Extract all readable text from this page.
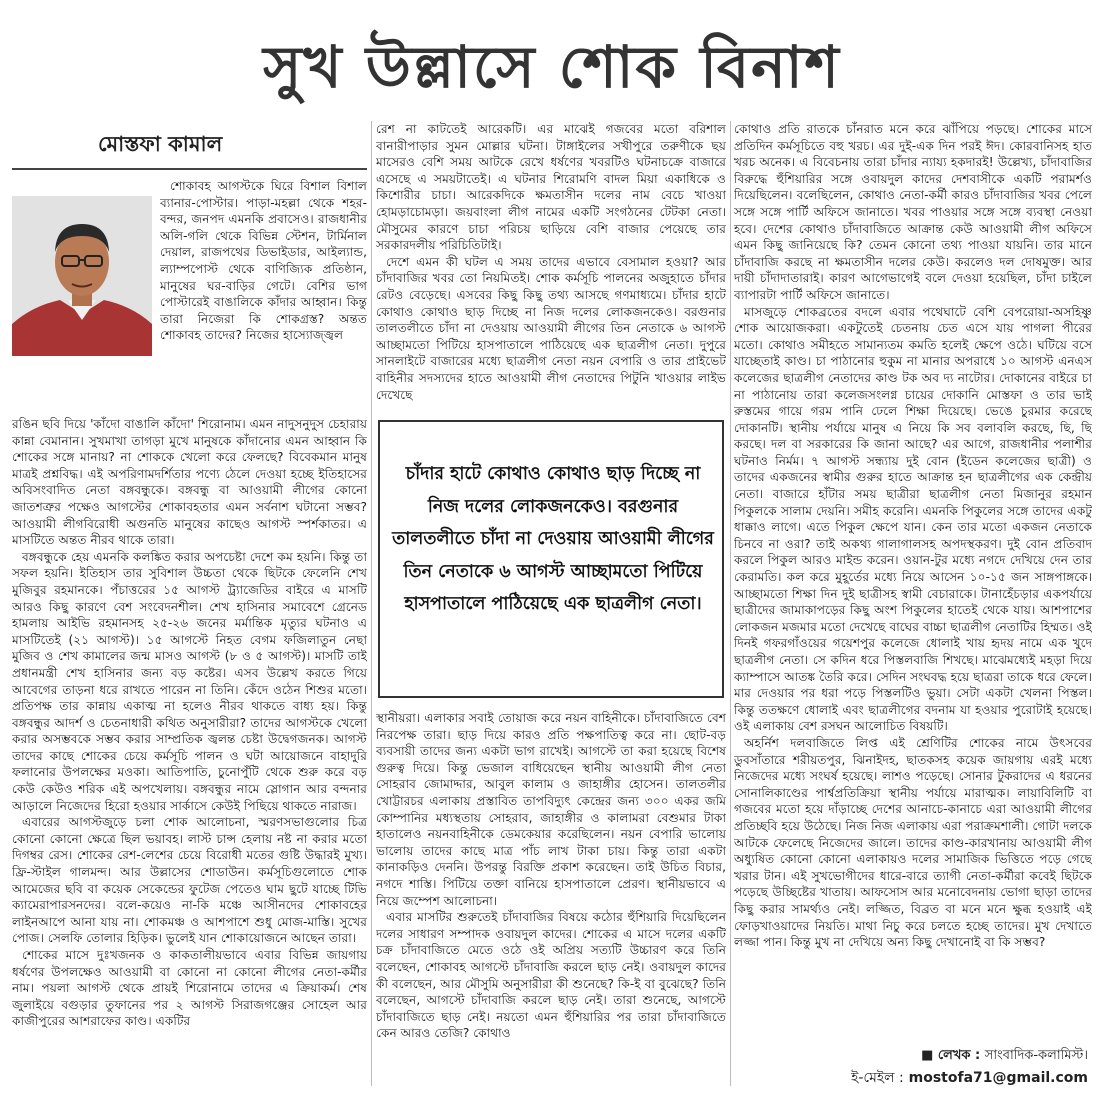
সুখ উল্লাসে শোক বিনাশ
মোস্তফা কামাল

শোকাবহ আগস্টকে ঘিরে বিশাল বিশাল ব্যানার-পোস্টার। পাড়া-মহল্লা থেকে শহর-বন্দর, জনপদ এমনকি প্রবাসেও। রাজধানীর অলি-গলি থেকে বিভিন্ন স্টেশন, টার্মিনাল দেয়াল, রাজপথের ডিভাইডার, আইল্যান্ড, ল্যাম্পপোস্ট থেকে বাণিজ্যিক প্রতিষ্ঠান, মানুষের ঘর-বাড়ির গেটে। বেশির ভাগ পোস্টারেই বাঙালিকে কাঁদার আহ্বান। কিন্তু তারা নিজেরা কি শোকগ্রস্ত? অন্তত শোকাবহ তাদের? নিজের হাস্যোজ্জ্বল

রঙিন ছবি দিয়ে 'কাঁদো বাঙালি কাঁদো' শিরোনাম। এমন নাদুসনুদুস চেহারায় কান্না বেমানান। সুখমাখা তাগড়া মুখে মানুষকে কাঁদানোর এমন আহ্বান কি শোকের সঙ্গে মানায়? না শোককে খেলো করে ফেলছে? বিবেকমান মানুষ মাত্রই প্রশ্নবিদ্ধ। এই অপরিণামদর্শিতার পণ্যে ঠেলে দেওয়া হচ্ছে ইতিহাসের অবিসংবাদিত নেতা বঙ্গবন্ধুকে। বঙ্গবন্ধু বা আওয়ামী লীগের কোনো জাতশত্রুর পক্ষেও আগস্টের শোকাবহতার এমন সর্বনাশ ঘটানো সম্ভব? আওয়ামী লীগবিরোধী অগুনতি মানুষের কাছেও আগস্ট স্পর্শকাতর। এ মাসটিতে অন্তত নীরব থাকে তারা।

বঙ্গবন্ধুকে হেয় এমনকি কলঙ্কিত করার অপচেষ্টা দেশে কম হয়নি। কিন্তু তা সফল হয়নি। ইতিহাস তার সুবিশাল উচ্চতা থেকে ছিটকে ফেলেনি শেখ মুজিবুর রহমানকে। পঁচাত্তরের ১৫ আগস্ট ট্র্যাজেডির বাইরে এ মাসটি আরও কিছু কারণে বেশ সংবেদনশীল। শেখ হাসিনার সমাবেশে গ্রেনেড হামলায় আইভি রহমানসহ ২৫-২৬ জনের মর্মান্তিক মৃত্যুর ঘটনাও এ মাসটিতেই (২১ আগস্ট)। ১৫ আগস্টে নিহত বেগম ফজিলাতুন নেছা মুজিব ও শেখ কামালের জন্ম মাসও আগস্ট (৮ ও ৫ আগস্ট)। মাসটি তাই প্রধানমন্ত্রী শেখ হাসিনার জন্য বড় কষ্টের। এসব উল্লেখ করতে গিয়ে আবেগের তাড়না ধরে রাখতে পারেন না তিনি। কেঁদে ওঠেন শিশুর মতো। প্রতিপক্ষ তার কান্নায় একাত্ম না হলেও নীরব থাকতে বাধ্য হয়। কিন্তু বঙ্গবন্ধুর আদর্শ ও চেতনাধারী কথিত অনুসারীরা? তাদের আগস্টকে খেলো করার অসম্ভবকে সম্ভব করার সাম্প্রতিক জ্বলন্ত চেষ্টা উদ্বেগজনক। আগস্ট তাদের কাছে শোকের চেয়ে কর্মসূচি পালন ও ঘটা আয়োজনে বাহাদুরি ফলানোর উপলক্ষের মওকা। আতিপাতি, চুনোপুঁটি থেকে শুরু করে বড় কেউ কেউও শরিক এই অপখেলায়। বঙ্গবন্ধুর নামে স্লোগান আর বন্দনার আড়ালে নিজেদের হিরো হওয়ার সার্কাসে কেউই পিছিয়ে থাকতে নারাজ।

এবারের আগস্টজুড়ে চলা শোক আলোচনা, স্মরণসভাগুলোর চিত্র কোনো কোনো ক্ষেত্রে ছিল ভয়াবহ। লাস্ট চান্স হেলায় নষ্ট না করার মতো দিগম্বর রেস। শোকের রেশ-লেশের চেয়ে বিরোধী মতের গুষ্টি উদ্ধারই মুখ্য। ফ্রি-স্টাইল গালমন্দ। আর উল্লাসের শোডাউন। কর্মসূচিগুলোতে শোক আমেজের ছবি বা কয়েক সেকেন্ডের ফুটেজ পেতেও ঘাম ছুটে যাচ্ছে টিভি ক্যামেরাপারসনদের। বলে-কয়েও না-কি মঞ্চে আসীনদের শোকাবহের লাইনআপে আনা যায় না। শোকমঞ্চ ও আশপাশে শুধু মোজ-মাস্তি। সুখের পোজ। সেলফি তোলার হিড়িক। ভুলেই যান শোকায়োজনে আছেন তারা।

শোকের মাসে দুঃখজনক ও কাকতালীয়ভাবে এবার বিভিন্ন জায়গায় ধর্ষণের উপলক্ষেও আওয়ামী বা কোনো না কোনো লীগের নেতা-কর্মীর নাম। পয়লা আগস্ট থেকে প্রায়ই শিরোনামে তাদের এ ক্রিয়াকর্ম। শেষ জুলাইয়ে বগুড়ার তুফানের পর ২ আগস্ট সিরাজগঞ্জের সোহেল আর কাজীপুরের আশরাফের কাণ্ড। একটির

রেশ না কাটতেই আরেকটি। এর মাঝেই গজবের মতো বরিশাল বানারীপাড়ার সুমন মোল্লার ঘটনা। টাঙ্গাইলের সখীপুরে তরুণীকে ছয় মাসেরও বেশি সময় আটকে রেখে ধর্ষণের খবরটিও ঘটনাচক্রে বাজারে এসেছে এ সময়টাতেই। এ ঘটনার শিরোমণি বাদল মিয়া একাধিকে ও কিশোরীর চাচা। আরেকদিকে ক্ষমতাসীন দলের নাম বেচে খাওয়া হোমড়াচোমড়া। জয়বাংলা লীগ নামের একটি সংগঠনের টেটকা নেতা। মৌসুমের কারণে চাচা পরিচয় ছাড়িয়ে বেশি বাজার পেয়েছে তার সরকারদলীয় পরিচিতিটাই।

দেশে এমন কী ঘটল এ সময় তাদের এভাবে বেসামাল হওয়া? আর চাঁদাবাজির খবর তো নিয়মিতই। শোক কর্মসূচি পালনের অজুহাতে চাঁদার রেটও বেড়েছে। এসবের কিছু কিছু তথ্য আসছে গণমাধ্যমে। চাঁদার হাটে কোথাও কোথাও ছাড় দিচ্ছে না নিজ দলের লোকজনকেও। বরগুনার তালতলীতে চাঁদা না দেওয়ায় আওয়ামী লীগের তিন নেতাকে ৬ আগস্ট আচ্ছামতো পিটিয়ে হাসপাতালে পাঠিয়েছে এক ছাত্রলীগ নেতা। দুপুরে সানলাইটে বাজারের মধ্যে ছাত্রলীগ নেতা নয়ন বেপারি ও তার প্রাইভেট বাহিনীর সদস্যদের হাতে আওয়ামী লীগ নেতাদের পিটুনি খাওয়ার লাইভ দেখেছে

চাঁদার হাটে কোথাও কোথাও ছাড় দিচ্ছে না নিজ দলের লোকজনকেও। বরগুনার তালতলীতে চাঁদা না দেওয়ায় আওয়ামী লীগের তিন নেতাকে ৬ আগস্ট আচ্ছামতো পিটিয়ে হাসপাতালে পাঠিয়েছে এক ছাত্রলীগ নেতা।

স্থানীয়রা। এলাকার সবাই তোয়াজ করে নয়ন বাহিনীকে। চাঁদাবাজিতে বেশ নিরপেক্ষ তারা। ছাড় দিয়ে কারও প্রতি পক্ষপাতিত্ব করে না। ছোট-বড় ব্যবসায়ী তাদের জন্য একটা ভাগ রাখেই। আগস্টে তা করা হয়েছে বিশেষ গুরুত্ব দিয়ে। কিন্তু ভেজাল বাধিয়েছেন স্থানীয় আওয়ামী লীগ নেতা সোহরাব জোমাদ্দার, আবুল কালাম ও জাহাঙ্গীর হোসেন। তালতলীর খোট্টারচর এলাকায় প্রস্তাবিত তাপবিদ্যুৎ কেন্দ্রের জন্য ৩০০ একর জমি কোম্পানির মধ্যস্থতায় সোহরাব, জাহাঙ্গীর ও কালামরা বেশুমার টাকা হাতালেও নয়নবাহিনীকে ডেমকেয়ার করেছিলেন। নয়ন বেপারি ভালোয় ভালোয় তাদের কাছে মাত্র পাঁচ লাখ টাকা চায়। কিন্তু তারা একটা কানাকড়িও দেননি। উপরন্তু বিরক্তি প্রকাশ করেছেন। তাই উচিত বিচার, নগদে শাস্তি। পিটিয়ে তক্তা বানিয়ে হাসপাতালে প্রেরণ। স্থানীয়ভাবে এ নিয়ে জম্পেশ আলোচনা।

এবার মাসটির শুরুতেই চাঁদাবাজির বিষয়ে কঠোর হুঁশিয়ারি দিয়েছিলেন দলের সাধারণ সম্পাদক ওবায়দুল কাদের। শোকের এ মাসে দলের একটি চক্র চাঁদাবাজিতে মেতে ওঠে ওই অপ্রিয় সত্যটি উচ্চারণ করে তিনি বলেছেন, শোকাবহ আগস্টে চাঁদাবাজি করলে ছাড় নেই। ওবায়দুল কাদের কী বলেছেন, আর মৌসুমি অনুসারীরা কী শুনেছে? কি-ই বা বুঝেছে? তিনি বলেছেন, আগস্টে চাঁদাবাজি করলে ছাড় নেই। তারা শুনেছে, আগস্টে চাঁদাবাজিতে ছাড় নেই। নয়তো এমন হুঁশিয়ারির পর তারা চাঁদাবাজিতে কেন আরও তেজি? কোথাও

কোথাও প্রতি রাতকে চাঁনরাত মনে করে ঝাঁপিয়ে পড়ছে। শোকের মাসে প্রতিদিন কর্মসূচিতে বহু খরচ। এর দুই-এক দিন পরই ঈদ। কোরবানিসহ হাত খরচ অনেক। এ বিবেচনায় তারা চাঁদার ন্যায্য হকদারই! উল্লেখ্য, চাঁদাবাজির বিরুদ্ধে হুঁশিয়ারির সঙ্গে ওবায়দুল কাদের দেশবাসীকে একটি পরামর্শও দিয়েছিলেন। বলেছিলেন, কোথাও নেতা-কর্মী কারও চাঁদাবাজির খবর পেলে সঙ্গে সঙ্গে পার্টি অফিসে জানাতে। খবর পাওয়ার সঙ্গে সঙ্গে ব্যবস্থা নেওয়া হবে। দেশের কোথাও চাঁদাবাজিতে আক্রান্ত কেউ আওয়ামী লীগ অফিসে এমন কিছু জানিয়েছে কি? তেমন কোনো তথ্য পাওয়া যায়নি। তার মানে চাঁদাবাজি করছে না ক্ষমতাসীন দলের কেউ। করলেও দল দোষমুক্ত। আর দায়ী চাঁদাদাতারাই। কারণ আগেভাগেই বলে দেওয়া হয়েছিল, চাঁদা চাইলে ব্যাপারটা পার্টি অফিসে জানাতে।

মাসজুড়ে শোকব্রতের বদলে এবার পথেঘাটে বেশি বেপরোয়া-অসহিষ্ণু শোক আয়োজকরা। একটুতেই চেতনায় চেত এসে যায় পাগলা পীরের মতো। কোথাও সমীহতে সামান্যতম কমতি হলেই ক্ষেপে ওঠে। ঘটিয়ে বসে যাচ্ছেতাই কাণ্ড। চা পাঠানোর হুকুম না মানার অপরাধে ১০ আগস্ট এনএস কলেজের ছাত্রলীগ নেতাদের কাণ্ড টক অব দ্য নাটোর। দোকানের বাইরে চা না পাঠানোয় তারা কলেজসংলগ্ন চায়ের দোকানি মোস্তফা ও তার ভাই রুস্তমের গায়ে গরম পানি ঢেলে শিক্ষা দিয়েছে। ভেঙে চুরমার করেছে দোকানটি। স্থানীয় পর্যায়ে মানুষ এ নিয়ে কি সব বলাবলি করছে, ছি, ছি করছে। দল বা সরকারের কি জানা আছে? এর আগে, রাজধানীর পলাশীর ঘটনাও নির্মম। ৭ আগস্ট সন্ধ্যায় দুই বোন (ইডেন কলেজের ছাত্রী) ও তাদের একজনের স্বামীর গুরুর হাতে আক্রান্ত হন ছাত্রলীগের এক কেন্দ্রীয় নেতা। বাজারে হাঁটার সময় ছাত্রীরা ছাত্রলীগ নেতা মিজানুর রহমান পিকুলকে সালাম দেয়নি। সমীহ করেনি। এমনকি পিকুলের সঙ্গে তাদের একটু ধাক্কাও লাগে। এতে পিকুল ক্ষেপে যান। কেন তার মতো একজন নেতাকে চিনবে না ওরা? তাই অকথ্য গালাগালসহ অপদস্থকরণ। দুই বোন প্রতিবাদ করলে পিকুল আরও মাইন্ড করেন। ওয়ান-টুর মধ্যে নগদে দেখিয়ে দেন তার কেরামতি। কল করে মুহূর্তের মধ্যে নিয়ে আসেন ১০-১৫ জন সাঙ্গপাঙ্গকে। আচ্ছামতো শিক্ষা দিন দুই ছাত্রীসহ স্বামী বেচারাকে। টানাহেঁচড়ার একপর্যায়ে ছাত্রীদের জামাকাপড়ের কিছু অংশ পিকুলের হাতেই থেকে যায়। আশপাশের লোকজন মজমার মতো দেখেছে বাঘের বাচ্চা ছাত্রলীগ নেতাটির হিম্মত। ওই দিনই গফরগাঁওয়ের গয়েশপুর কলেজে ধোলাই খায় হৃদয় নামে এক খুদে ছাত্রলীগ নেতা। সে কদিন ধরে পিস্তলবাজি শিখছে। মাঝেমধ্যেই মহড়া দিয়ে ক্যাম্পাসে আতঙ্ক তৈরি করে। সেদিন সংঘবদ্ধ হয়ে ছাত্ররা তাকে ধরে ফেলে। মার দেওয়ার পর ধরা পড়ে পিস্তলটিও ভুয়া। সেটা একটা খেলনা পিস্তল। কিন্তু ততক্ষণে ধোলাই এবং ছাত্রলীগের বদনাম যা হওয়ার পুরোটাই হয়েছে। ওই এলাকায় বেশ রসঘন আলোচিত বিষয়টি।

অহর্নিশ দলবাজিতে লিপ্ত এই শ্রেণিটির শোকের নামে উৎসবের ডুবসাঁতারে শরীয়তপুর, ঝিনাইদহ, ছাতকসহ কয়েক জায়গায় এরই মধ্যে নিজেদের মধ্যে সংঘর্ষ হয়েছে। লাশও পড়েছে। সোনার টুকরাদের এ ধরনের সোনালিকাণ্ডের পার্শ্বপ্রতিক্রিয়া স্থানীয় পর্যায়ে মারাত্মক। লায়াবিলিটি বা গজবের মতো হয়ে দাঁড়াচ্ছে দেশের আনাচে-কানাচে এরা আওয়ামী লীগের প্রতিচ্ছবি হয়ে উঠেছে। নিজ নিজ এলাকায় এরা পরাক্রমশালী। গোটা দলকে আটকে ফেলেছে নিজেদের জালে। তাদের কাণ্ড-কারখানায় আওয়ামী লীগ অধ্যুষিত কোনো কোনো এলাকায়ও দলের সামাজিক ভিত্তিতে পড়ে গেছে খরার টান। এই সুখভোগীদের ধারে-বারে ত্যাগী নেতা-কর্মীরা কবেই ছিটকে পড়েছে উচ্ছিষ্টের খাতায়। আফসোস আর মনোবেদনায় ভোগা ছাড়া তাদের কিছু করার সামর্থ্যও নেই। লজ্জিত, বিব্রত বা মনে মনে ক্ষুব্ধ হওয়াই এই ফোড়খাওয়াদের নিয়তি। মাথা নিচু করে চলতে হচ্ছে তাদের। মুখ দেখাতে লজ্জা পান। কিন্তু মুখ না দেখিয়ে অন্য কিছু দেখানোই বা কি সম্ভব?

■ লেখক : সাংবাদিক-কলামিস্ট।
ই-মেইল : mostofa71@gmail.com
